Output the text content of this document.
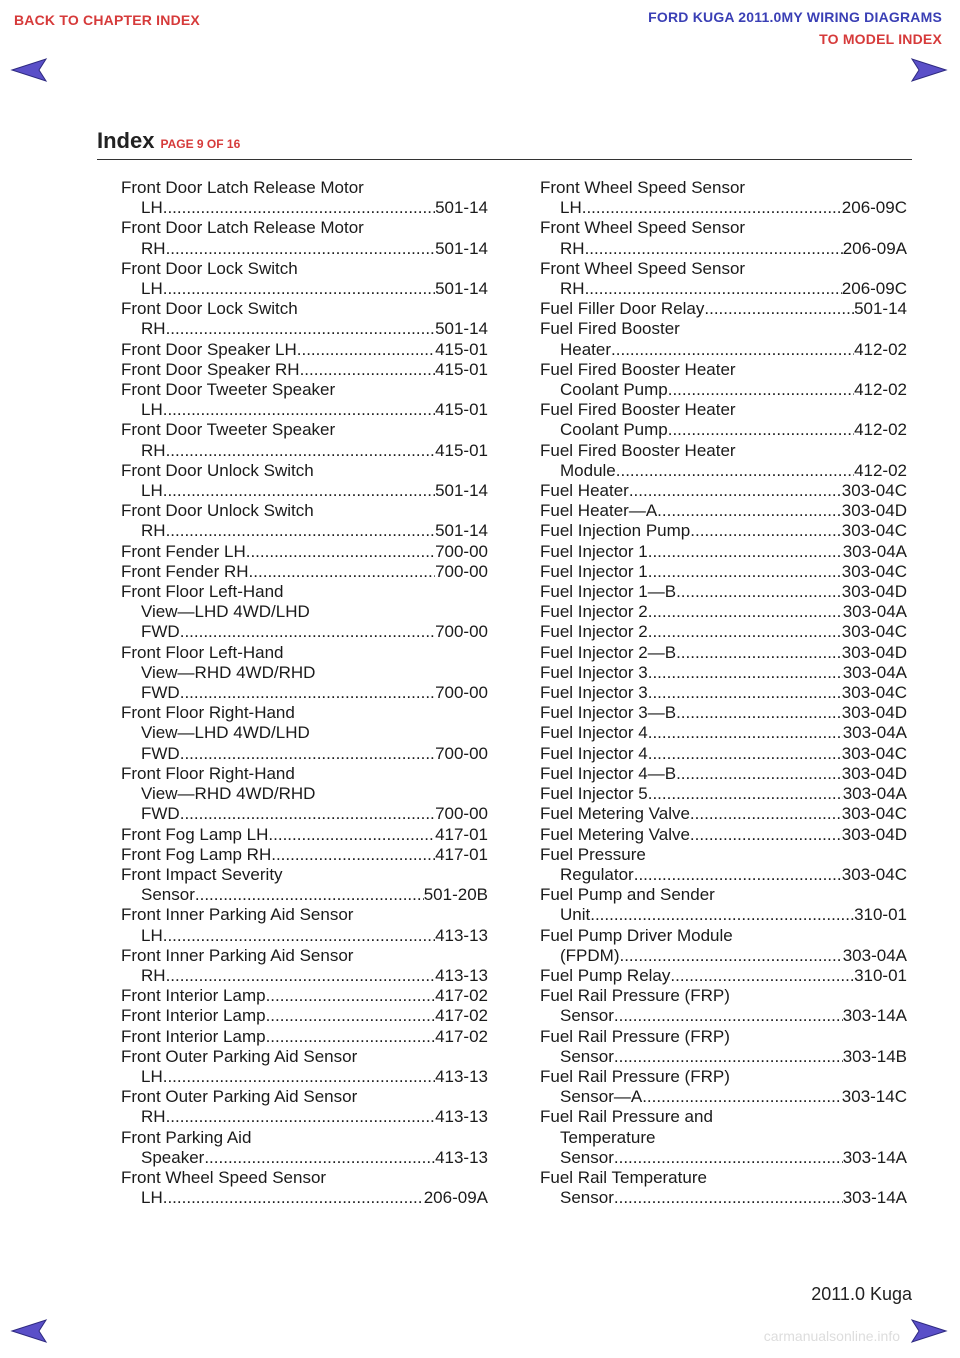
BACK TO CHAPTER INDEX	FORD KUGA 2011.0MY WIRING DIAGRAMS
TO MODEL INDEX
Index PAGE 9 OF 16
Front Door Latch Release Motor
LH .....	501-14
Front Door Latch Release Motor
RH .....	501-14
Front Door Lock Switch
LH .....	501-14
Front Door Lock Switch
RH .....	501-14
Front Door Speaker LH .....	415-01
Front Door Speaker RH .....	415-01
Front Door Tweeter Speaker
LH .....	415-01
Front Door Tweeter Speaker
RH .....	415-01
Front Door Unlock Switch
LH .....	501-14
Front Door Unlock Switch
RH .....	501-14
Front Fender LH .....	700-00
Front Fender RH .....	700-00
Front Floor Left-Hand
View—LHD 4WD/LHD
FWD .....	700-00
Front Floor Left-Hand
View—RHD 4WD/RHD
FWD .....	700-00
Front Floor Right-Hand
View—LHD 4WD/LHD
FWD .....	700-00
Front Floor Right-Hand
View—RHD 4WD/RHD
FWD .....	700-00
Front Fog Lamp LH .....	417-01
Front Fog Lamp RH .....	417-01
Front Impact Severity
Sensor .....	501-20B
Front Inner Parking Aid Sensor
LH .....	413-13
Front Inner Parking Aid Sensor
RH .....	413-13
Front Interior Lamp .....	417-02
Front Interior Lamp .....	417-02
Front Interior Lamp .....	417-02
Front Outer Parking Aid Sensor
LH .....	413-13
Front Outer Parking Aid Sensor
RH .....	413-13
Front Parking Aid
Speaker .....	413-13
Front Wheel Speed Sensor
LH .....	206-09A
Front Wheel Speed Sensor
LH .....	206-09C
Front Wheel Speed Sensor
RH .....	206-09A
Front Wheel Speed Sensor
RH .....	206-09C
Fuel Filler Door Relay .....	501-14
Fuel Fired Booster
Heater .....	412-02
Fuel Fired Booster Heater
Coolant Pump .....	412-02
Fuel Fired Booster Heater
Coolant Pump .....	412-02
Fuel Fired Booster Heater
Module .....	412-02
Fuel Heater .....	303-04C
Fuel Heater—A .....	303-04D
Fuel Injection Pump .....	303-04C
Fuel Injector 1 .....	303-04A
Fuel Injector 1 .....	303-04C
Fuel Injector 1—B .....	303-04D
Fuel Injector 2 .....	303-04A
Fuel Injector 2 .....	303-04C
Fuel Injector 2—B .....	303-04D
Fuel Injector 3 .....	303-04A
Fuel Injector 3 .....	303-04C
Fuel Injector 3—B .....	303-04D
Fuel Injector 4 .....	303-04A
Fuel Injector 4 .....	303-04C
Fuel Injector 4—B .....	303-04D
Fuel Injector 5 .....	303-04A
Fuel Metering Valve .....	303-04C
Fuel Metering Valve .....	303-04D
Fuel Pressure
Regulator .....	303-04C
Fuel Pump and Sender
Unit .....	310-01
Fuel Pump Driver Module
(FPDM) .....	303-04A
Fuel Pump Relay .....	310-01
Fuel Rail Pressure (FRP)
Sensor .....	303-14A
Fuel Rail Pressure (FRP)
Sensor .....	303-14B
Fuel Rail Pressure (FRP)
Sensor—A .....	303-14C
Fuel Rail Pressure and
Temperature
Sensor .....	303-14A
Fuel Rail Temperature
Sensor .....	303-14A
2011.0 Kuga
carmanualsonline.info
